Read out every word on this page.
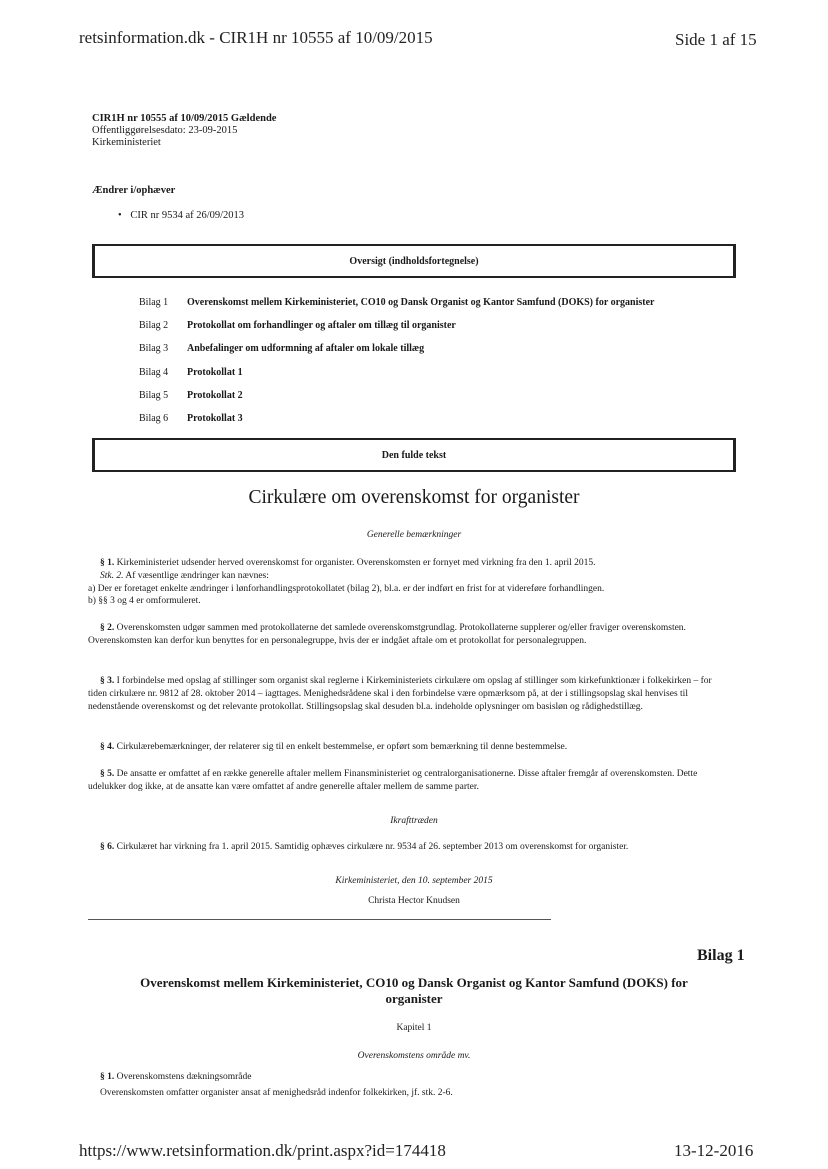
retsinformation.dk - CIR1H nr 10555 af 10/09/2015	Side 1 af 15
CIR1H nr 10555 af 10/09/2015 Gældende
Offentliggørelsesdato: 23-09-2015
Kirkeministeriet
Ændrer i/ophæver
• CIR nr 9534 af 26/09/2013
Oversigt (indholdsfortegnelse)
Bilag 1	Overenskomst mellem Kirkeministeriet, CO10 og Dansk Organist og Kantor Samfund (DOKS) for organister
Bilag 2	Protokollat om forhandlinger og aftaler om tillæg til organister
Bilag 3	Anbefalinger om udformning af aftaler om lokale tillæg
Bilag 4	Protokollat 1
Bilag 5	Protokollat 2
Bilag 6	Protokollat 3
Den fulde tekst
Cirkulære om overenskomst for organister
Generelle bemærkninger

§ 1. Kirkeministeriet udsender herved overenskomst for organister. Overenskomsten er fornyet med virkning fra den 1. april 2015.

Stk. 2. Af væsentlige ændringer kan nævnes:

a) Der er foretaget enkelte ændringer i lønforhandlingsprotokollatet (bilag 2), bl.a. er der indført en frist for at videreføre forhandlingen.

b) §§ 3 og 4 er omformuleret.

§ 2. Overenskomsten udgør sammen med protokollaterne det samlede overenskomstgrundlag. Protokollaterne supplerer og/eller fraviger overenskomsten. Overenskomsten kan derfor kun benyttes for en personalegruppe, hvis der er indgået aftale om et protokollat for personalegruppen.

§ 3. I forbindelse med opslag af stillinger som organist skal reglerne i Kirkeministeriets cirkulære om opslag af stillinger som kirkefunktionær i folkekirken – for tiden cirkulære nr. 9812 af 28. oktober 2014 – iagttages. Menighedsrådene skal i den forbindelse være opmærksom på, at der i stillingsopslag skal henvises til nedenstående overenskomst og det relevante protokollat. Stillingsopslag skal desuden bl.a. indeholde oplysninger om basisløn og rådighedstillæg.

§ 4. Cirkulærebemærkninger, der relaterer sig til en enkelt bestemmelse, er opført som bemærkning til denne bestemmelse.

§ 5. De ansatte er omfattet af en række generelle aftaler mellem Finansministeriet og centralorganisationerne. Disse aftaler fremgår af overenskomsten. Dette udelukker dog ikke, at de ansatte kan være omfattet af andre generelle aftaler mellem de samme parter.

Ikrafttræden

§ 6. Cirkulæret har virkning fra 1. april 2015. Samtidig ophæves cirkulære nr. 9534 af 26. september 2013 om overenskomst for organister.

Kirkeministeriet, den 10. september 2015
Christa Hector Knudsen
Bilag 1
Overenskomst mellem Kirkeministeriet, CO10 og Dansk Organist og Kantor Samfund (DOKS) for
organister
Kapitel 1
Overenskomstens område mv.

§ 1. Overenskomstens dækningsområde

Overenskomsten omfatter organister ansat af menighedsråd indenfor folkekirken, jf. stk. 2-6.

https://www.retsinformation.dk/print.aspx?id=174418	13-12-2016
